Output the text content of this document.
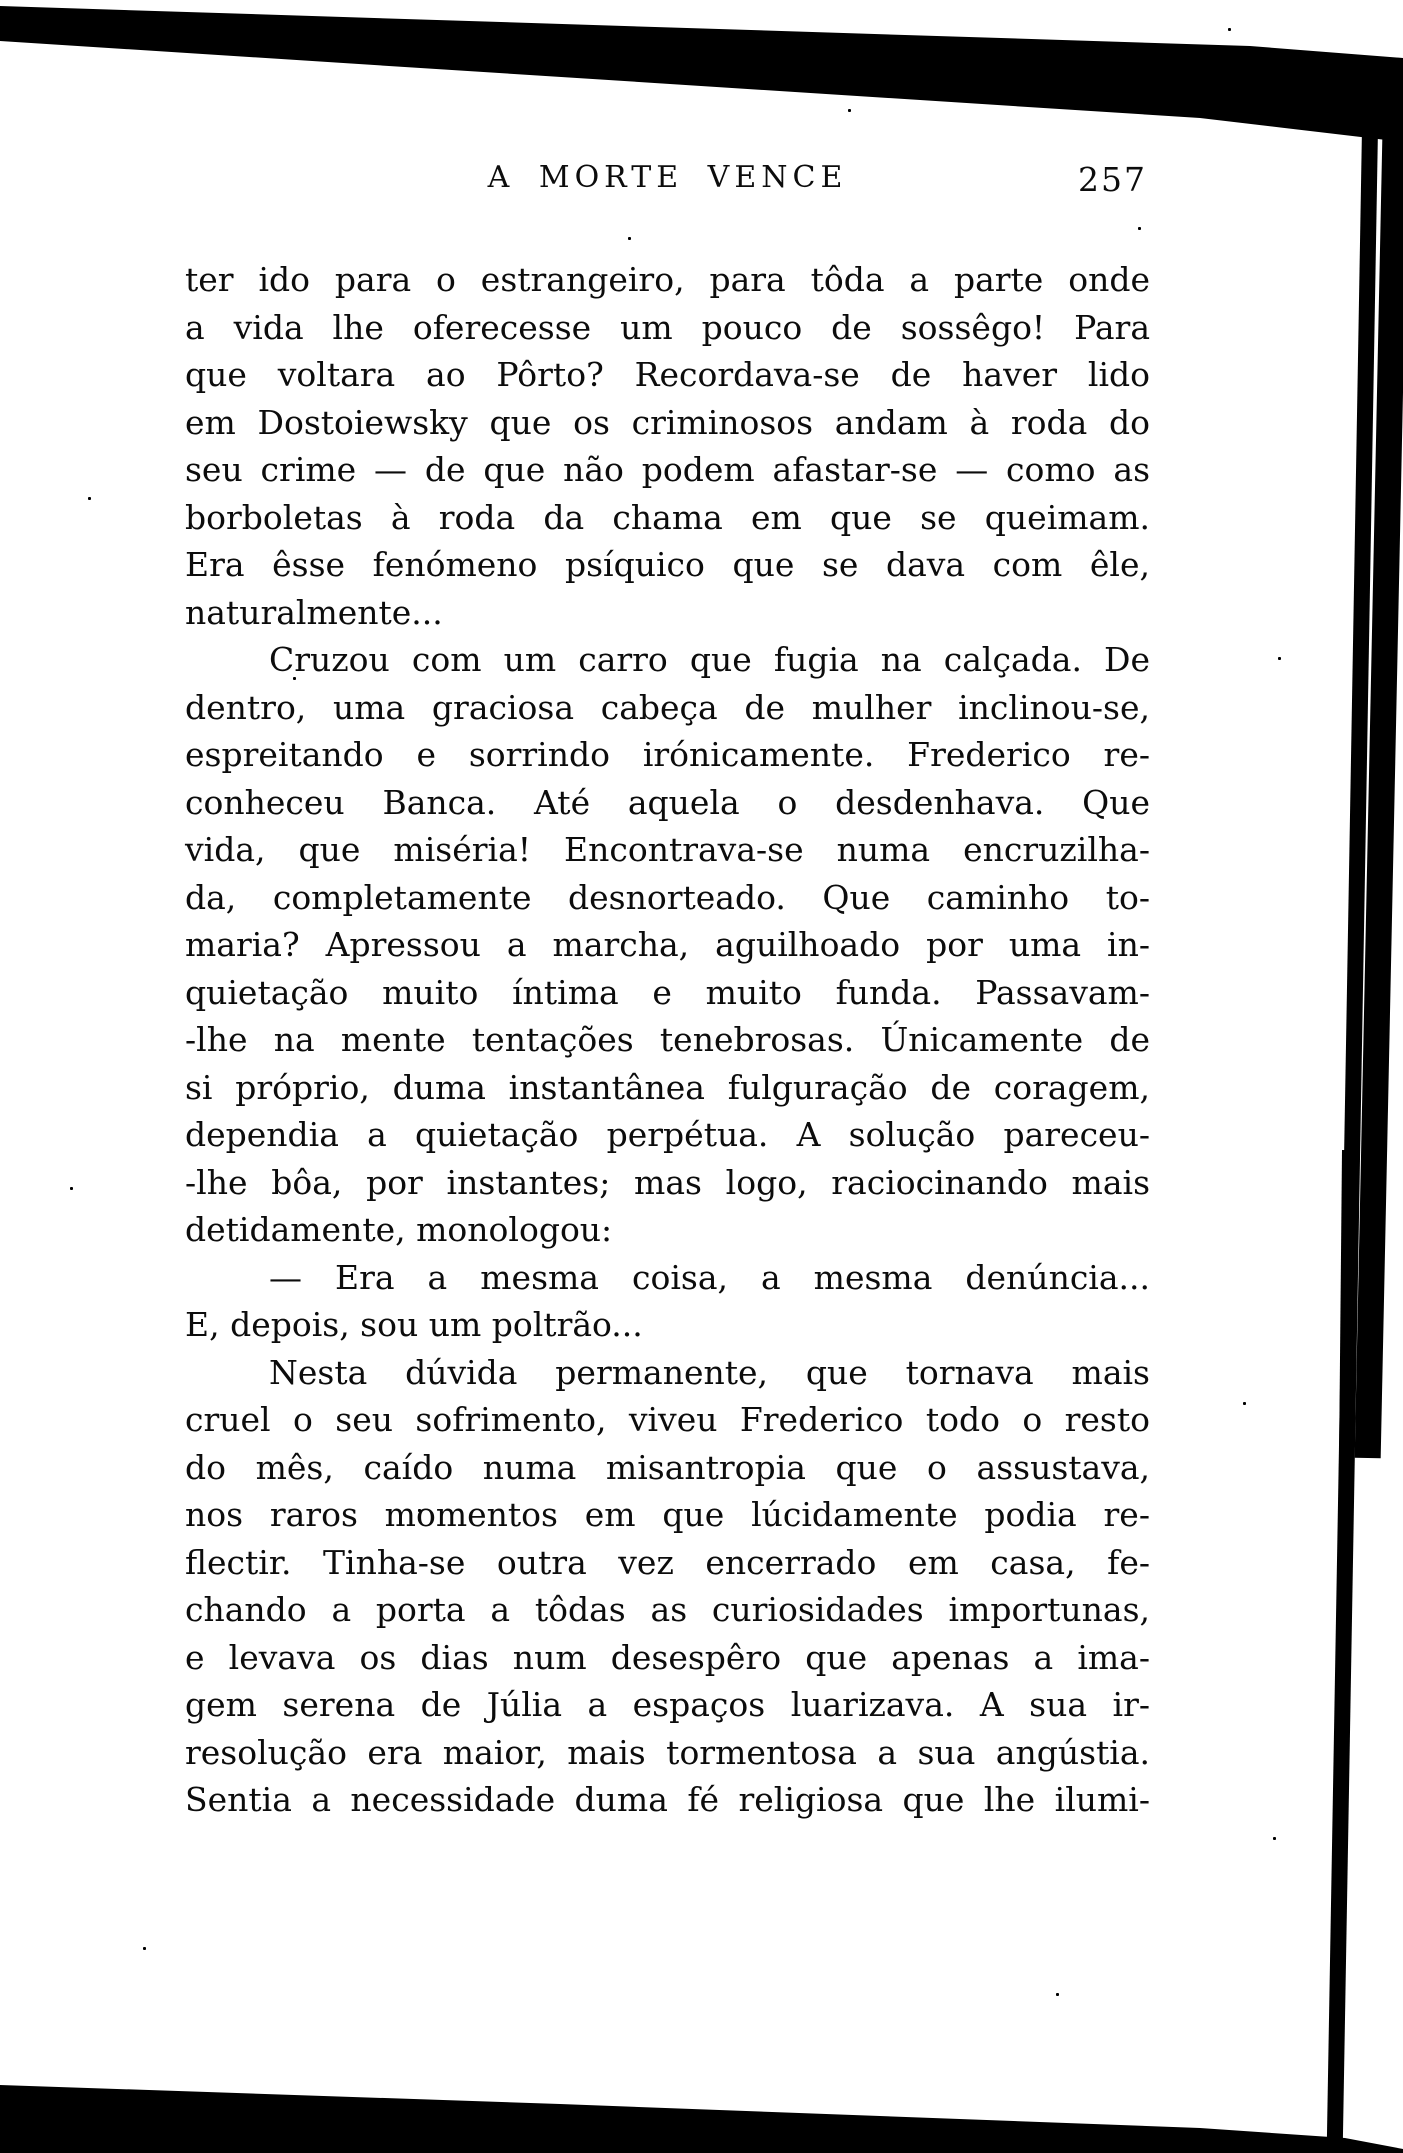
A MORTE VENCE	257
ter ido para o estrangeiro, para tôda a parte onde
a vida lhe oferecesse um pouco de sossêgo! Para
que voltara ao Pôrto? Recordava-se de haver lido
em Dostoiewsky que os criminosos andam à roda do
seu crime — de que não podem afastar-se — como as
borboletas à roda da chama em que se queimam.
Era êsse fenómeno psíquico que se dava com êle,
naturalmente...
Cruzou com um carro que fugia na calçada. De
dentro, uma graciosa cabeça de mulher inclinou-se,
espreitando e sorrindo irónicamente. Frederico re-
conheceu Banca. Até aquela o desdenhava. Que
vida, que miséria! Encontrava-se numa encruzilha-
da, completamente desnorteado. Que caminho to-
maria? Apressou a marcha, aguilhoado por uma in-
quietação muito íntima e muito funda. Passavam-
-lhe na mente tentações tenebrosas. Únicamente de
si próprio, duma instantânea fulguração de coragem,
dependia a quietação perpétua. A solução pareceu-
-lhe bôa, por instantes; mas logo, raciocinando mais
detidamente, monologou:
— Era a mesma coisa, a mesma denúncia...
E, depois, sou um poltrão...
Nesta dúvida permanente, que tornava mais
cruel o seu sofrimento, viveu Frederico todo o resto
do mês, caído numa misantropia que o assustava,
nos raros momentos em que lúcidamente podia re-
flectir. Tinha-se outra vez encerrado em casa, fe-
chando a porta a tôdas as curiosidades importunas,
e levava os dias num desespêro que apenas a ima-
gem serena de Júlia a espaços luarizava. A sua ir-
resolução era maior, mais tormentosa a sua angústia.
Sentia a necessidade duma fé religiosa que lhe ilumi-
